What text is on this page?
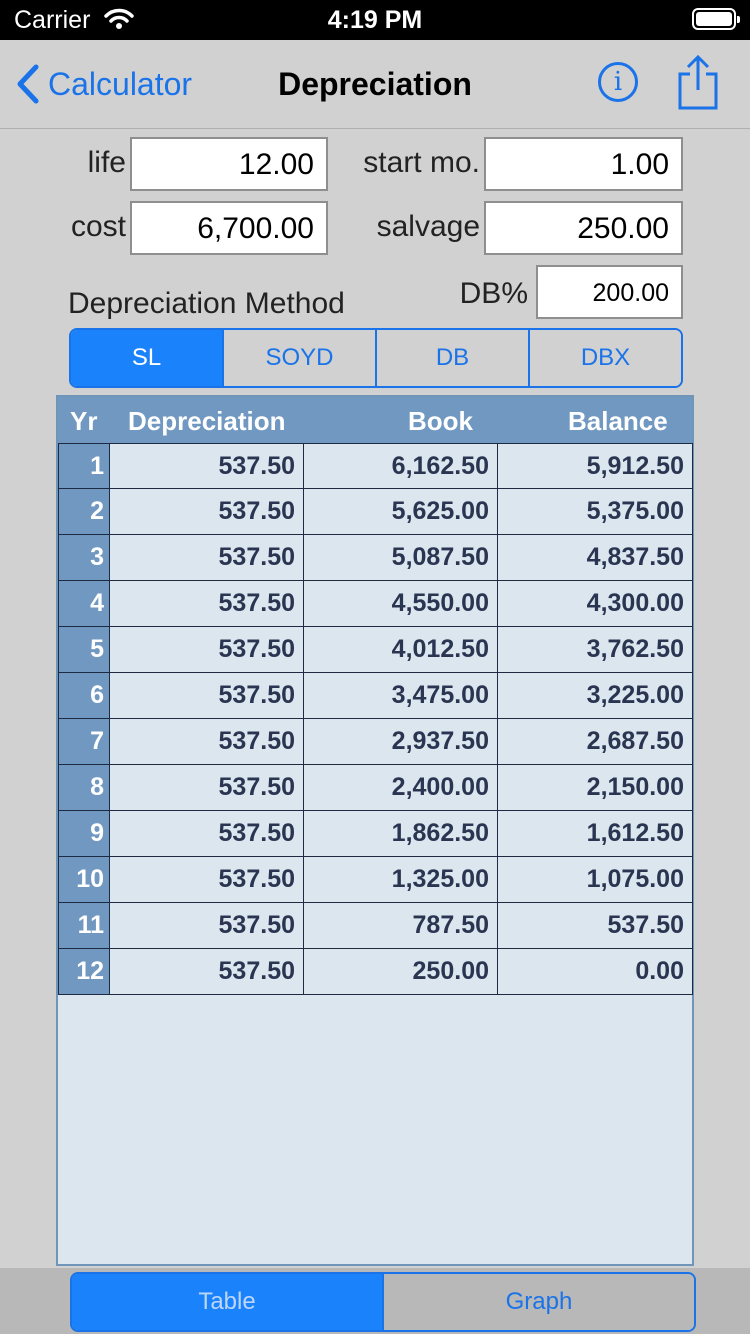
Carrier	4:19 PM
Calculator	Depreciation	i
life	12.00	start mo.	1.00
cost	6,700.00	salvage	250.00
Depreciation Method	DB%	200.00
SL	SOYD	DB	DBX
Yr Depreciation	Book	Balance
1	537.50	6,162.50	5,912.50
2	537.50	5,625.00	5,375.00
3	537.50	5,087.50	4,837.50
4	537.50	4,550.00	4,300.00
5	537.50	4,012.50	3,762.50
6	537.50	3,475.00	3,225.00
7	537.50	2,937.50	2,687.50
8	537.50	2,400.00	2,150.00
9	537.50	1,862.50	1,612.50
10	537.50	1,325.00	1,075.00
11	537.50	787.50	537.50
12	537.50	250.00	0.00
Table	Graph
